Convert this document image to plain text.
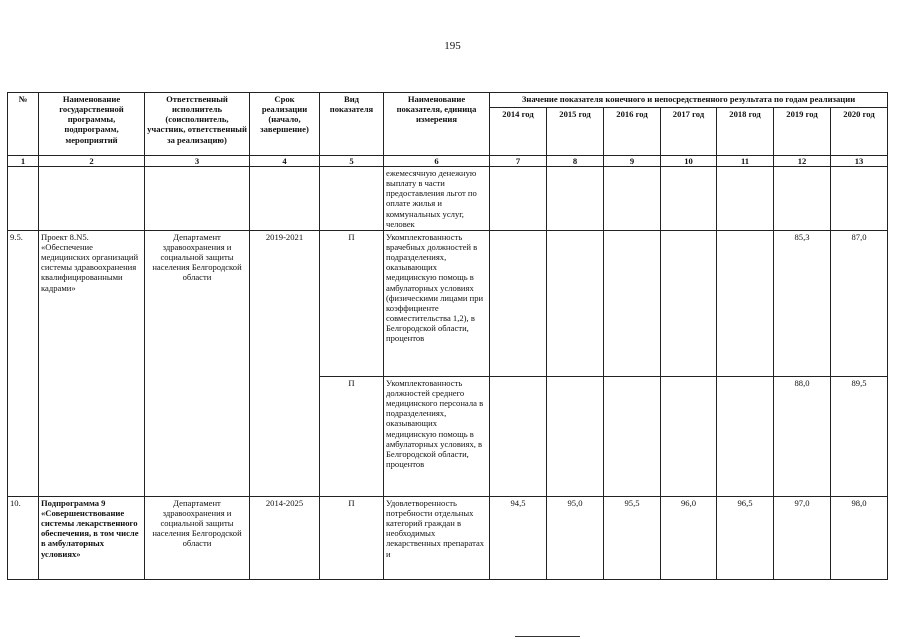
195
№	Наименование государственной программы, подпрограмм, мероприятий	Ответственный исполнитель (соисполнитель, участник, ответственный за реализацию)	Срок реализации (начало, завершение)	Вид показателя	Наименование показателя, единица измерения	Значение показателя конечного и непосредственного результата по годам реализации						
						2014 год	2015 год	2016 год	2017 год	2018 год	2019 год	2020 год
1	2	3	4	5	6	7	8	9	10	11	12	13
					ежемесячную денежную выплату в части предоставления льгот по оплате жилья и коммунальных услуг, человек							
9.5.	Проект 8.N5. «Обеспечение медицинских организаций системы здравоохранения квалифицированными кадрами»	Департамент здравоохранения и социальной защиты населения Белгородской области	2019-2021	П	Укомплектованность врачебных должностей в подразделениях, оказывающих медицинскую помощь в амбулаторных условиях (физическими лицами при коэффициенте совместительства 1,2), в Белгородской области, процентов						85,3	87,0
				П	Укомплектованность должностей среднего медицинского персонала в подразделениях, оказывающих медицинскую помощь в амбулаторных условиях, в Белгородской области, процентов						88,0	89,5
10.	Подпрограмма 9 «Совершенствование системы лекарственного обеспечения, в том числе в амбулаторных условиях»	Департамент здравоохранения и социальной защиты населения Белгородской области	2014-2025	П	Удовлетворенность потребности отдельных категорий граждан в необходимых лекарственных препаратах и	94,5	95,0	95,5	96,0	96,5	97,0	98,0
